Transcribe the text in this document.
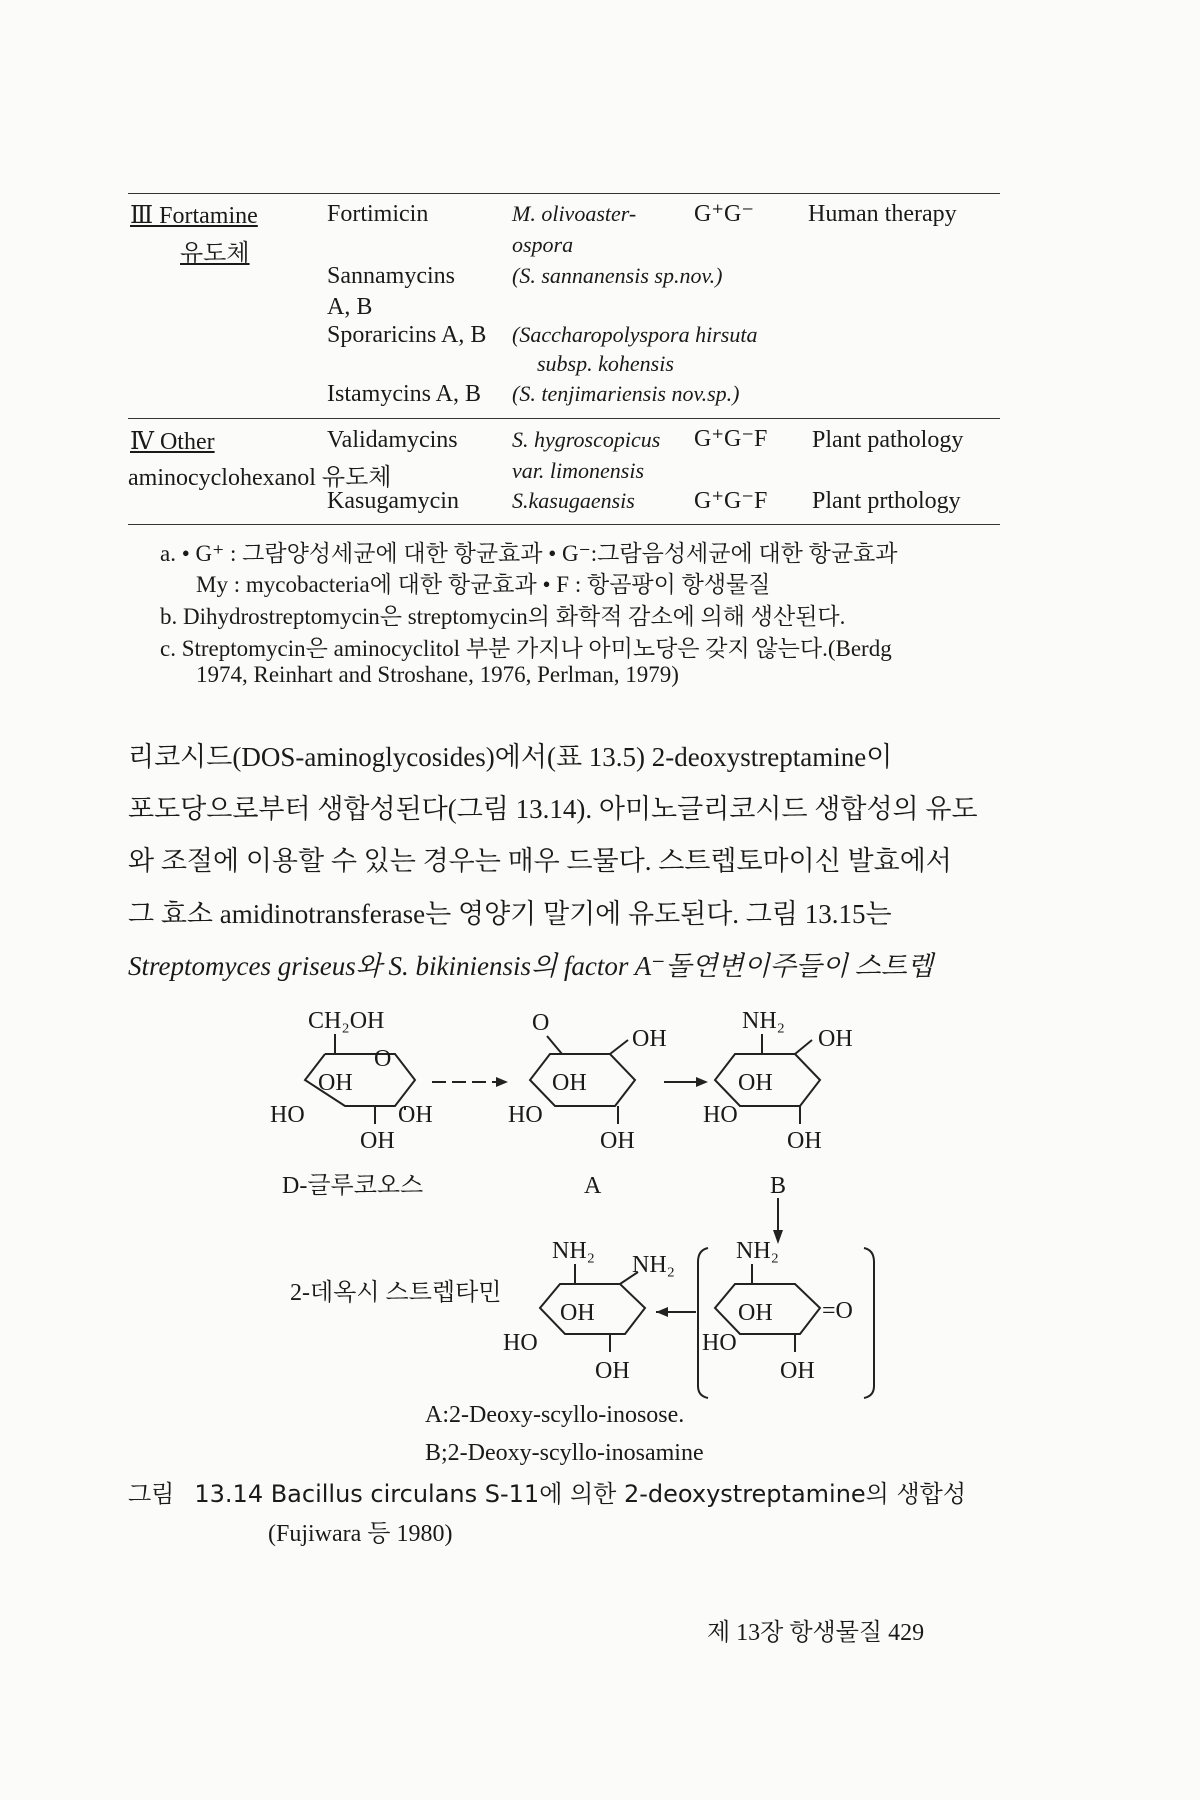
Ⅲ Fortamine
유도체
Fortimicin	M. olivoaster-
ospora
G⁺G⁻ Human therapy
Sannamycins
A, B
(S. sannanensis sp.nov.)
Sporaricins A, B (Saccharopolyspora hirsuta
subsp. kohensis
Istamycins A, B (S. tenjimariensis nov.sp.)
Ⅳ Other
aminocyclohexanol 유도체
Validamycins S. hygroscopicus
var. limonensis
G⁺G⁻F Plant pathology
Kasugamycin S.kasugaensis G⁺G⁻F Plant prthology
a. • G⁺ : 그람양성세균에 대한 항균효과 • G⁻:그람음성세균에 대한 항균효과
My : mycobacteria에 대한 항균효과 • F : 항곰팡이 항생물질
b. Dihydrostreptomycin은 streptomycin의 화학적 감소에 의해 생산된다.
c. Streptomycin은 aminocyclitol 부분 가지나 아미노당은 갖지 않는다.(Berdg
1974, Reinhart and Stroshane, 1976, Perlman, 1979)
리코시드(DOS-aminoglycosides)에서(표 13.5) 2-deoxystreptamine이
포도당으로부터 생합성된다(그림 13.14). 아미노글리코시드 생합성의 유도
와 조절에 이용할 수 있는 경우는 매우 드물다. 스트렙토마이신 발효에서
그 효소 amidinotransferase는 영양기 말기에 유도된다. 그림 13.15는
Streptomyces griseus와 S. bikiniensis의 factor A⁻돌연변이주들이 스트렙
CH₂OH
O
OH
HO	OH
OH
D-글루코오스
O
OH
OH
HO
OH
A
NH₂
OH
OH
HO
OH
B
NH₂
NH₂
OH
HO
OH
2-데옥시 스트렙타민
NH₂
OH
HO
=O
OH
A:2-Deoxy-scyllo-inosose.
B;2-Deoxy-scyllo-inosamine
그림 13.14 Bacillus circulans S-11에 의한 2-deoxystreptamine의 생합성
(Fujiwara 등 1980)
제 13장 항생물질 429
